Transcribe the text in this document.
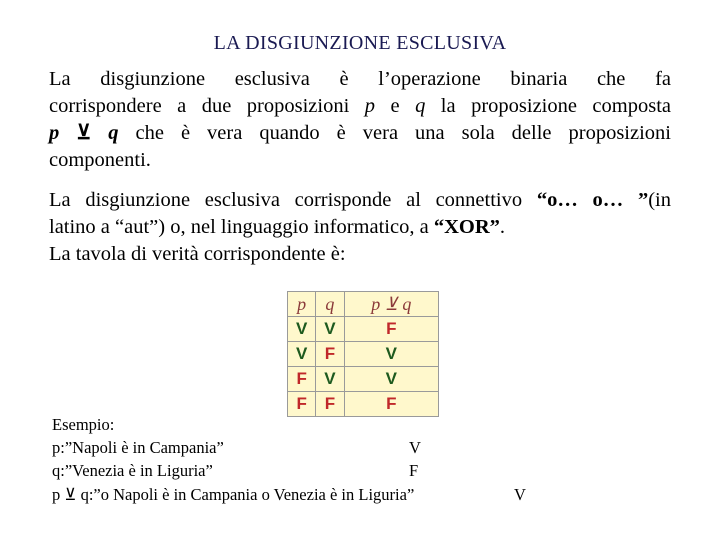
LA DISGIUNZIONE ESCLUSIVA
La disgiunzione esclusiva è l’operazione binaria che fa
corrispondere a due proposizioni p e q la proposizione composta
p ⊻ q che è vera quando è vera una sola delle proposizioni
componenti.
La disgiunzione esclusiva corrisponde al connettivo “o… o… ”(in
latino a “aut”) o, nel linguaggio informatico, a “XOR”.
La tavola di verità corrispondente è:
p	q	p ⊻ q
V	V	F
V	F	V
F	V	V
F	F	F
Esempio:
p:”Napoli è in Campania”	V
q:”Venezia è in Liguria”	F
p ⊻ q:”o Napoli è in Campania o Venezia è in Liguria”	V
